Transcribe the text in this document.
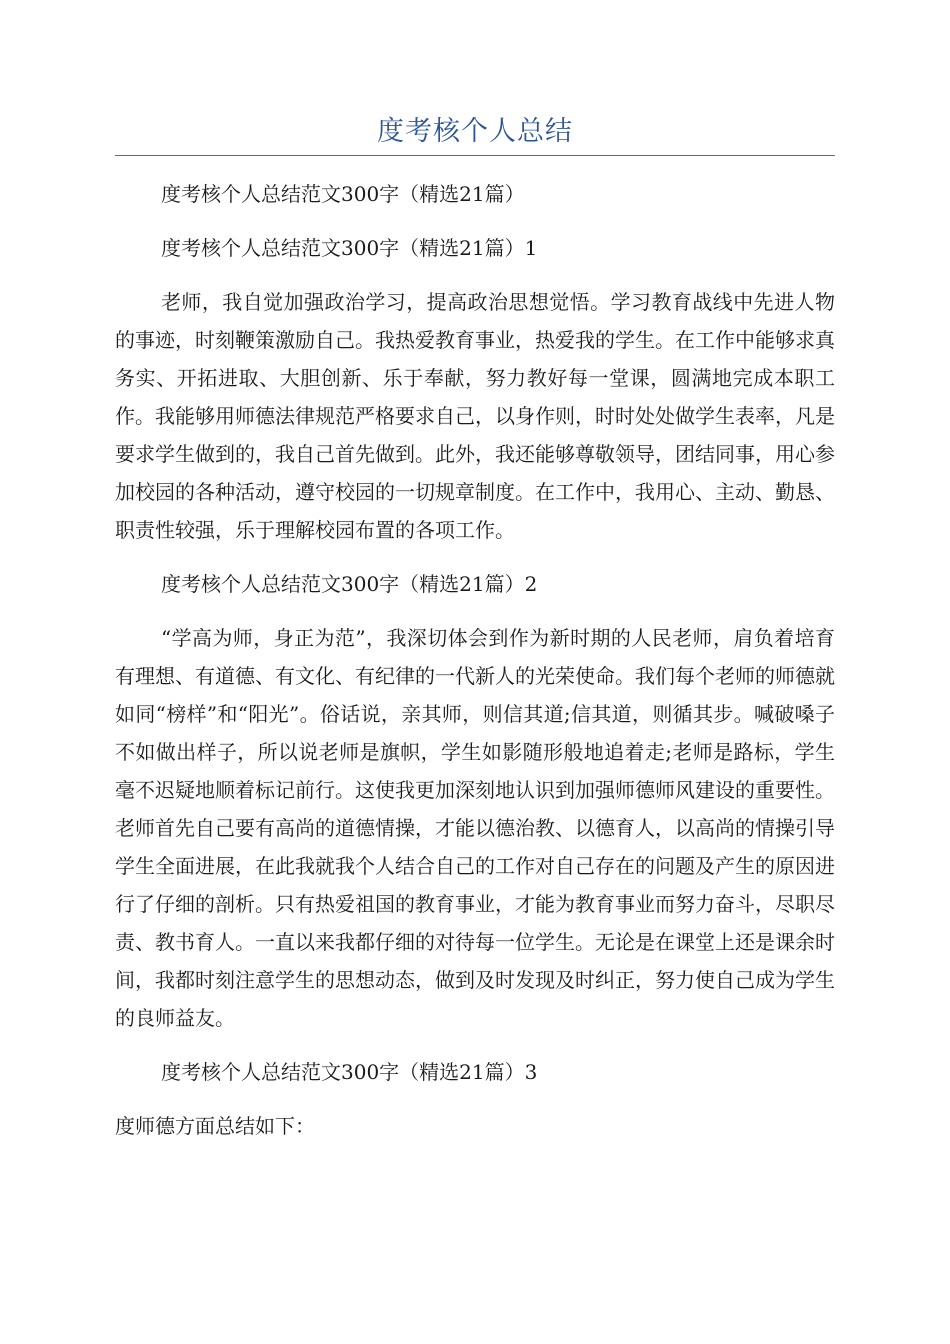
度考核个人总结

度考核个人总结范文300字（精选21篇）

度考核个人总结范文300字（精选21篇）1

老师，我自觉加强政治学习，提高政治思想觉悟。学习教育战线中先进人物的事迹，时刻鞭策激励自己。我热爱教育事业，热爱我的学生。在工作中能够求真务实、开拓进取、大胆创新、乐于奉献，努力教好每一堂课，圆满地完成本职工作。我能够用师德法律规范严格要求自己，以身作则，时时处处做学生表率，凡是要求学生做到的，我自己首先做到。此外，我还能够尊敬领导，团结同事，用心参加校园的各种活动，遵守校园的一切规章制度。在工作中，我用心、主动、勤恳、职责性较强，乐于理解校园布置的各项工作。

度考核个人总结范文300字（精选21篇）2

“学高为师，身正为范”，我深切体会到作为新时期的人民老师，肩负着培育有理想、有道德、有文化、有纪律的一代新人的光荣使命。我们每个老师的师德就如同“榜样”和“阳光”。俗话说，亲其师，则信其道;信其道，则循其步。喊破嗓子不如做出样子，所以说老师是旗帜，学生如影随形般地追着走;老师是路标，学生毫不迟疑地顺着标记前行。这使我更加深刻地认识到加强师德师风建设的重要性。老师首先自己要有高尚的道德情操，才能以德治教、以德育人，以高尚的情操引导学生全面进展，在此我就我个人结合自己的工作对自己存在的问题及产生的原因进行了仔细的剖析。只有热爱祖国的教育事业，才能为教育事业而努力奋斗，尽职尽责、教书育人。一直以来我都仔细的对待每一位学生。无论是在课堂上还是课余时间，我都时刻注意学生的思想动态，做到及时发现及时纠正，努力使自己成为学生的良师益友。

度考核个人总结范文300字（精选21篇）3

度师德方面总结如下：
